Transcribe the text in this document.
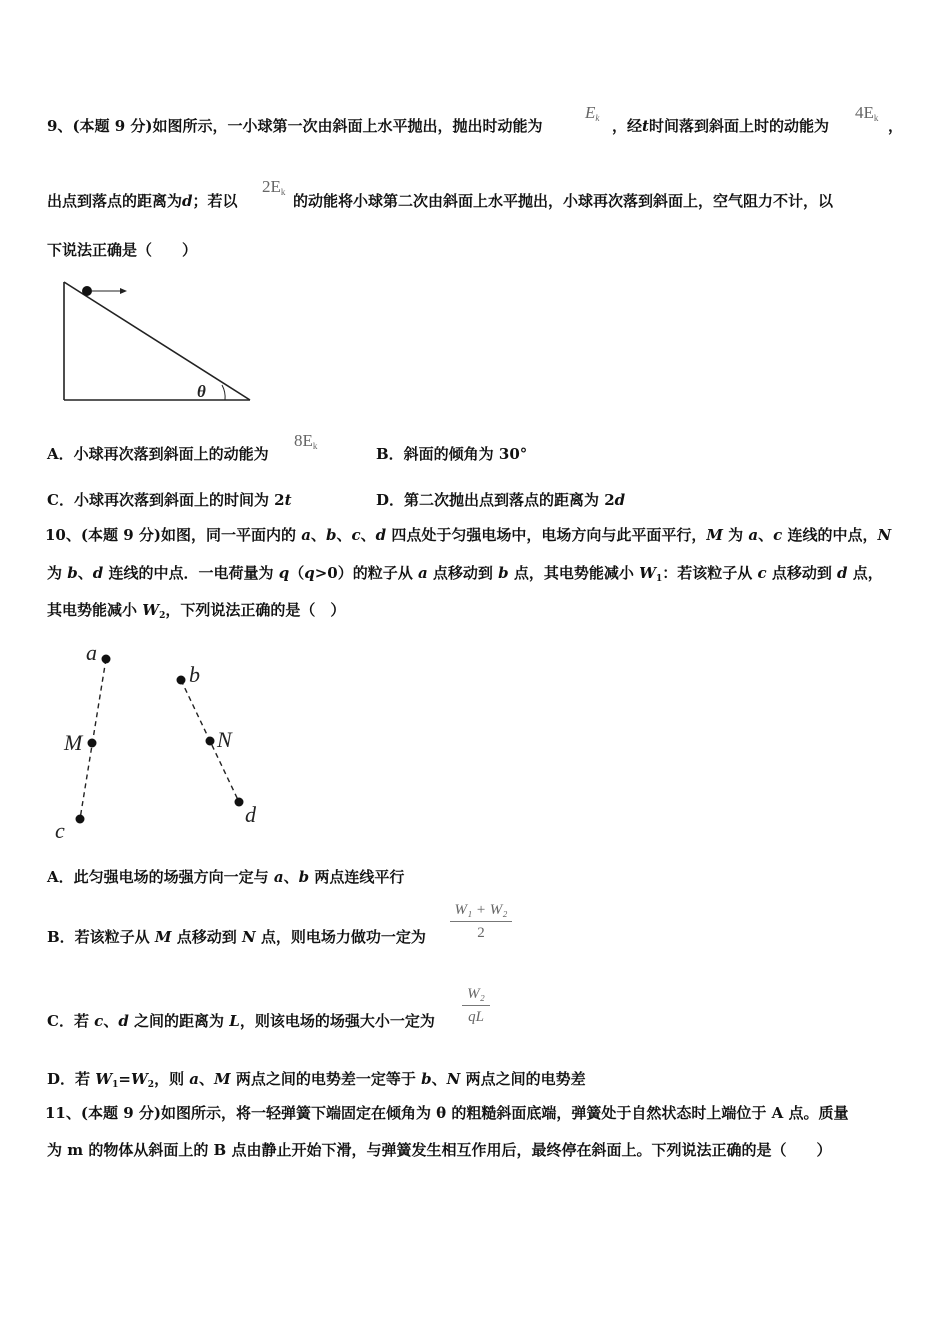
9、(本题 9 分)如图所示，一小球第一次由斜面上水平抛出，抛出时动能为
$E_k$ ，经t时间落到斜面上时的动能为
$4E_k$ ，
出点到落点的距离为d；若以
$2E_k$ 的动能将小球第二次由斜面上水平抛出，小球再次落到斜面上，空气阻力不计，以
下说法正确是（　　）
θ
A．小球再次落到斜面上的动能为
$8E_k$	B．斜面的倾角为 30°
C．小球再次落到斜面上的时间为 2t	D．第二次抛出点到落点的距离为 2d
10、(本题 9 分)如图，同一平面内的 a、b、c、d 四点处于匀强电场中，电场方向与此平面平行，M 为 a、c 连线的中点，N
为 b、d 连线的中点．一电荷量为 q（q>0）的粒子从 a 点移动到 b 点，其电势能减小 $W_1$：若该粒子从 c 点移动到 d 点，
其电势能减小 $W_2$，下列说法正确的是（　）
a
M
c
b
N
d
A．此匀强电场的场强方向一定与 a、b 两点连线平行
B．若该粒子从 M 点移动到 N 点，则电场力做功一定为 $\frac{\text{W₁ + W₂}}{2}$
C．若 c、d 之间的距离为 L，则该电场的场强大小一定为 $\frac{\text{W₂}}{qL}$
D．若 $W_1=W_2$，则 a、M 两点之间的电势差一定等于 b、N 两点之间的电势差
11、(本题 9 分)如图所示，将一轻弹簧下端固定在倾角为 θ 的粗糙斜面底端，弹簧处于自然状态时上端位于 A 点。质量
为 m 的物体从斜面上的 B 点由静止开始下滑，与弹簧发生相互作用后，最终停在斜面上。下列说法正确的是（　　）
